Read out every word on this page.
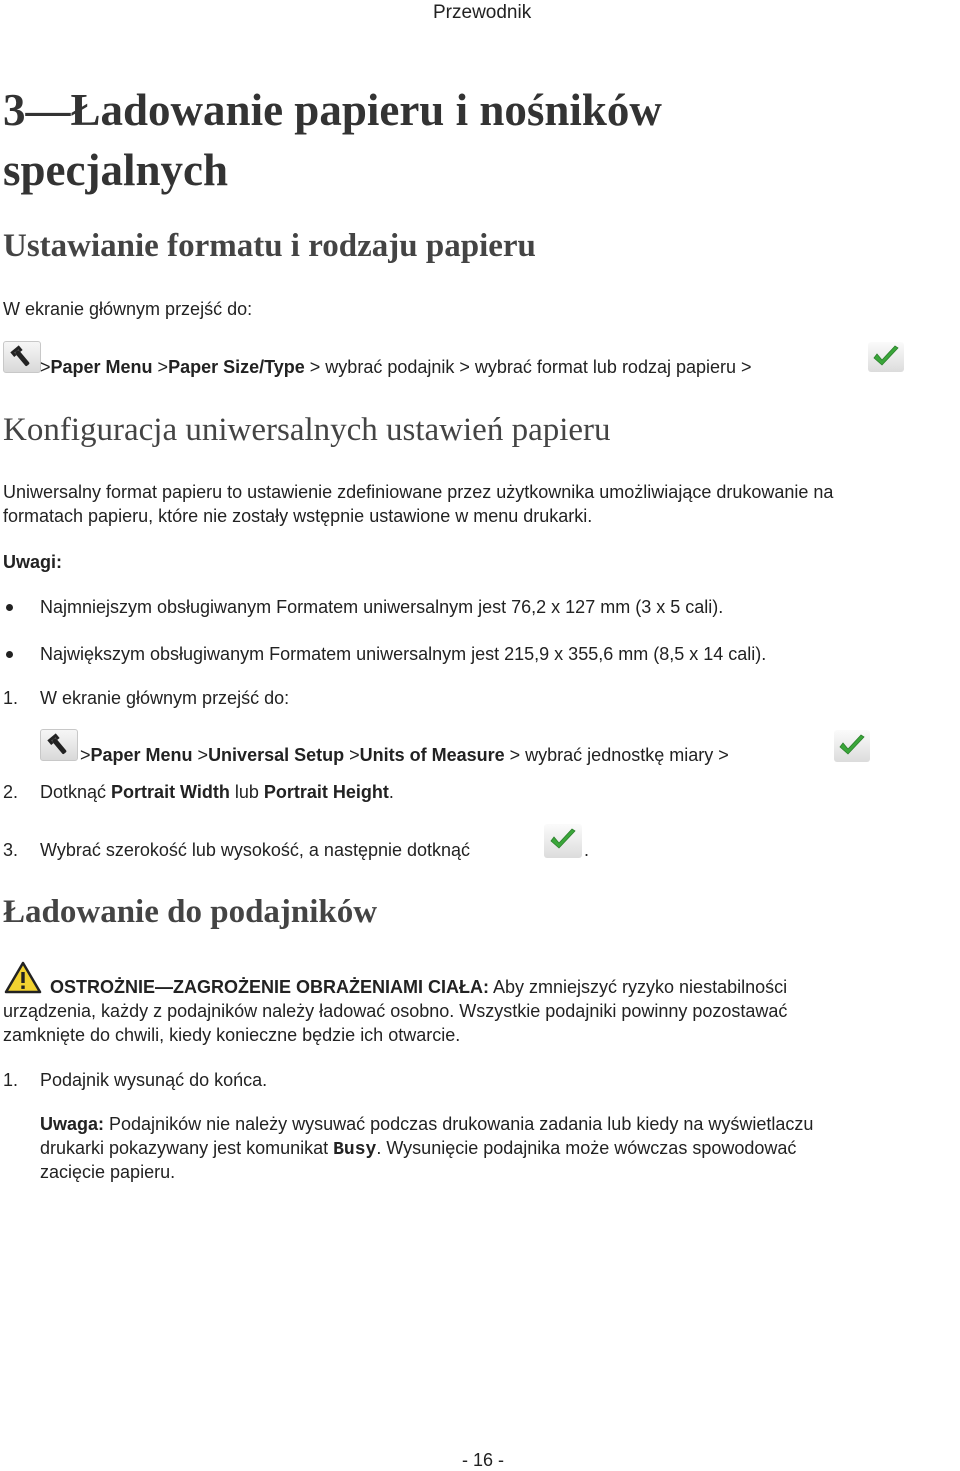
Przewodnik
3—Ładowanie papieru i nośników
specjalnych
Ustawianie formatu i rodzaju papieru
W ekranie głównym przejść do:
>Paper Menu >Paper Size/Type > wybrać podajnik > wybrać format lub rodzaj papieru >
Konfiguracja uniwersalnych ustawień papieru
Uniwersalny format papieru to ustawienie zdefiniowane przez użytkownika umożliwiające drukowanie na
formatach papieru, które nie zostały wstępnie ustawione w menu drukarki.
Uwagi:
Najmniejszym obsługiwanym Formatem uniwersalnym jest 76,2 x 127 mm (3 x 5 cali).
Największym obsługiwanym Formatem uniwersalnym jest 215,9 x 355,6 mm (8,5 x 14 cali).
1. W ekranie głównym przejść do:
>Paper Menu >Universal Setup >Units of Measure > wybrać jednostkę miary >
2. Dotknąć Portrait Width lub Portrait Height.
3. Wybrać szerokość lub wysokość, a następnie dotknąć	.
Ładowanie do podajników
OSTROŻNIE—ZAGROŻENIE OBRAŻENIAMI CIAŁA: Aby zmniejszyć ryzyko niestabilności
urządzenia, każdy z podajników należy ładować osobno. Wszystkie podajniki powinny pozostawać
zamknięte do chwili, kiedy konieczne będzie ich otwarcie.
1. Podajnik wysunąć do końca.
Uwaga: Podajników nie należy wysuwać podczas drukowania zadania lub kiedy na wyświetlaczu
drukarki pokazywany jest komunikat Busy. Wysunięcie podajnika może wówczas spowodować
zacięcie papieru.
- 16 -
